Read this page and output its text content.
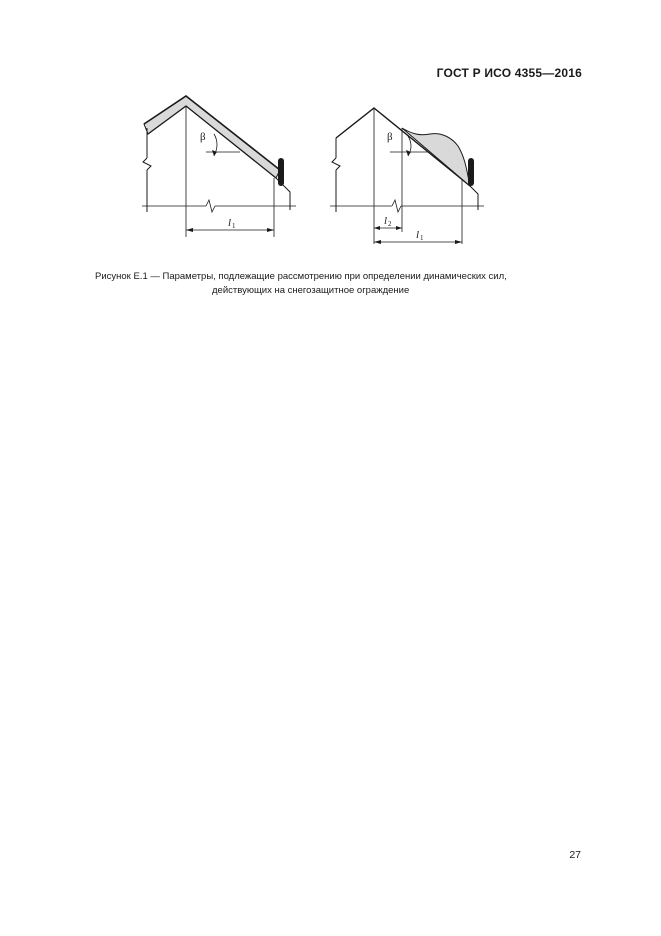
ГОСТ Р ИСО 4355—2016
β
l 1
β
l 2
l 1
Рисунок Е.1 — Параметры, подлежащие рассмотрению при определении динамических сил,
действующих на снегозащитное ограждение
27
